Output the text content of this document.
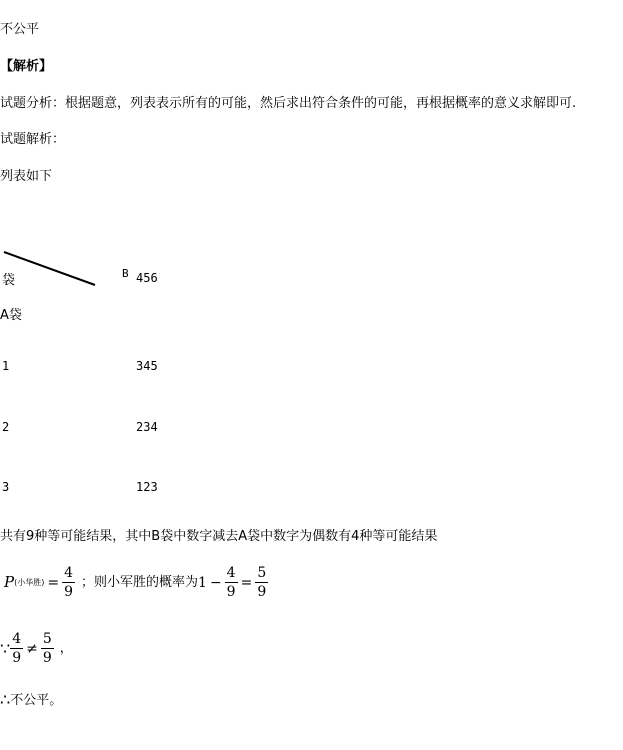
不公平
【解析】
试题分析：根据题意，列表表示所有的可能，然后求出符合条件的可能，再根据概率的意义求解即可.
试题解析：
列表如下
袋	B 456
A袋
1	345
2	234
3	123
共有9种等可能结果，其中B袋中数字减去A袋中数字为偶数有4种等可能结果
P (小华胜) = $\frac{4}{9}$ ；则小军胜的概率为 $1 - \frac{4}{9} = \frac{5}{9}$
∵ $\frac{4}{9} \ne \frac{5}{9}$ ，
∴ 不公平。
